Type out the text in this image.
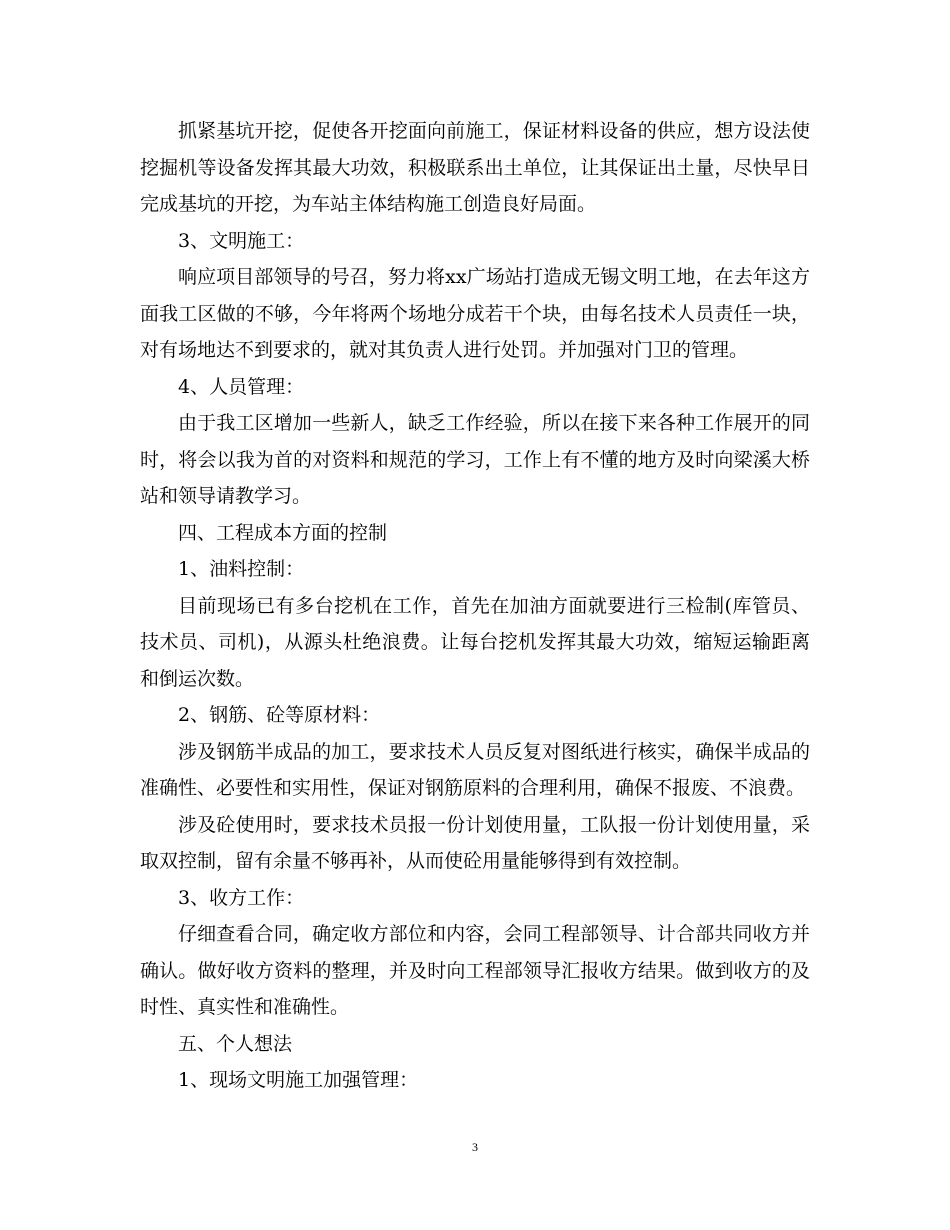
抓紧基坑开挖，促使各开挖面向前施工，保证材料设备的供应，想方设法使挖掘机等设备发挥其最大功效，积极联系出土单位，让其保证出土量，尽快早日完成基坑的开挖，为车站主体结构施工创造良好局面。

3、文明施工：

响应项目部领导的号召，努力将xx广场站打造成无锡文明工地，在去年这方面我工区做的不够，今年将两个场地分成若干个块，由每名技术人员责任一块，对有场地达不到要求的，就对其负责人进行处罚。并加强对门卫的管理。

4、人员管理：

由于我工区增加一些新人，缺乏工作经验，所以在接下来各种工作展开的同时，将会以我为首的对资料和规范的学习，工作上有不懂的地方及时向梁溪大桥站和领导请教学习。

四、工程成本方面的控制

1、油料控制：

目前现场已有多台挖机在工作，首先在加油方面就要进行三检制(库管员、技术员、司机)，从源头杜绝浪费。让每台挖机发挥其最大功效，缩短运输距离和倒运次数。

2、钢筋、砼等原材料：

涉及钢筋半成品的加工，要求技术人员反复对图纸进行核实，确保半成品的准确性、必要性和实用性，保证对钢筋原料的合理利用，确保不报废、不浪费。

涉及砼使用时，要求技术员报一份计划使用量，工队报一份计划使用量，采取双控制，留有余量不够再补，从而使砼用量能够得到有效控制。

3、收方工作：

仔细查看合同，确定收方部位和内容，会同工程部领导、计合部共同收方并确认。做好收方资料的整理，并及时向工程部领导汇报收方结果。做到收方的及时性、真实性和准确性。

五、个人想法

1、现场文明施工加强管理：

3
